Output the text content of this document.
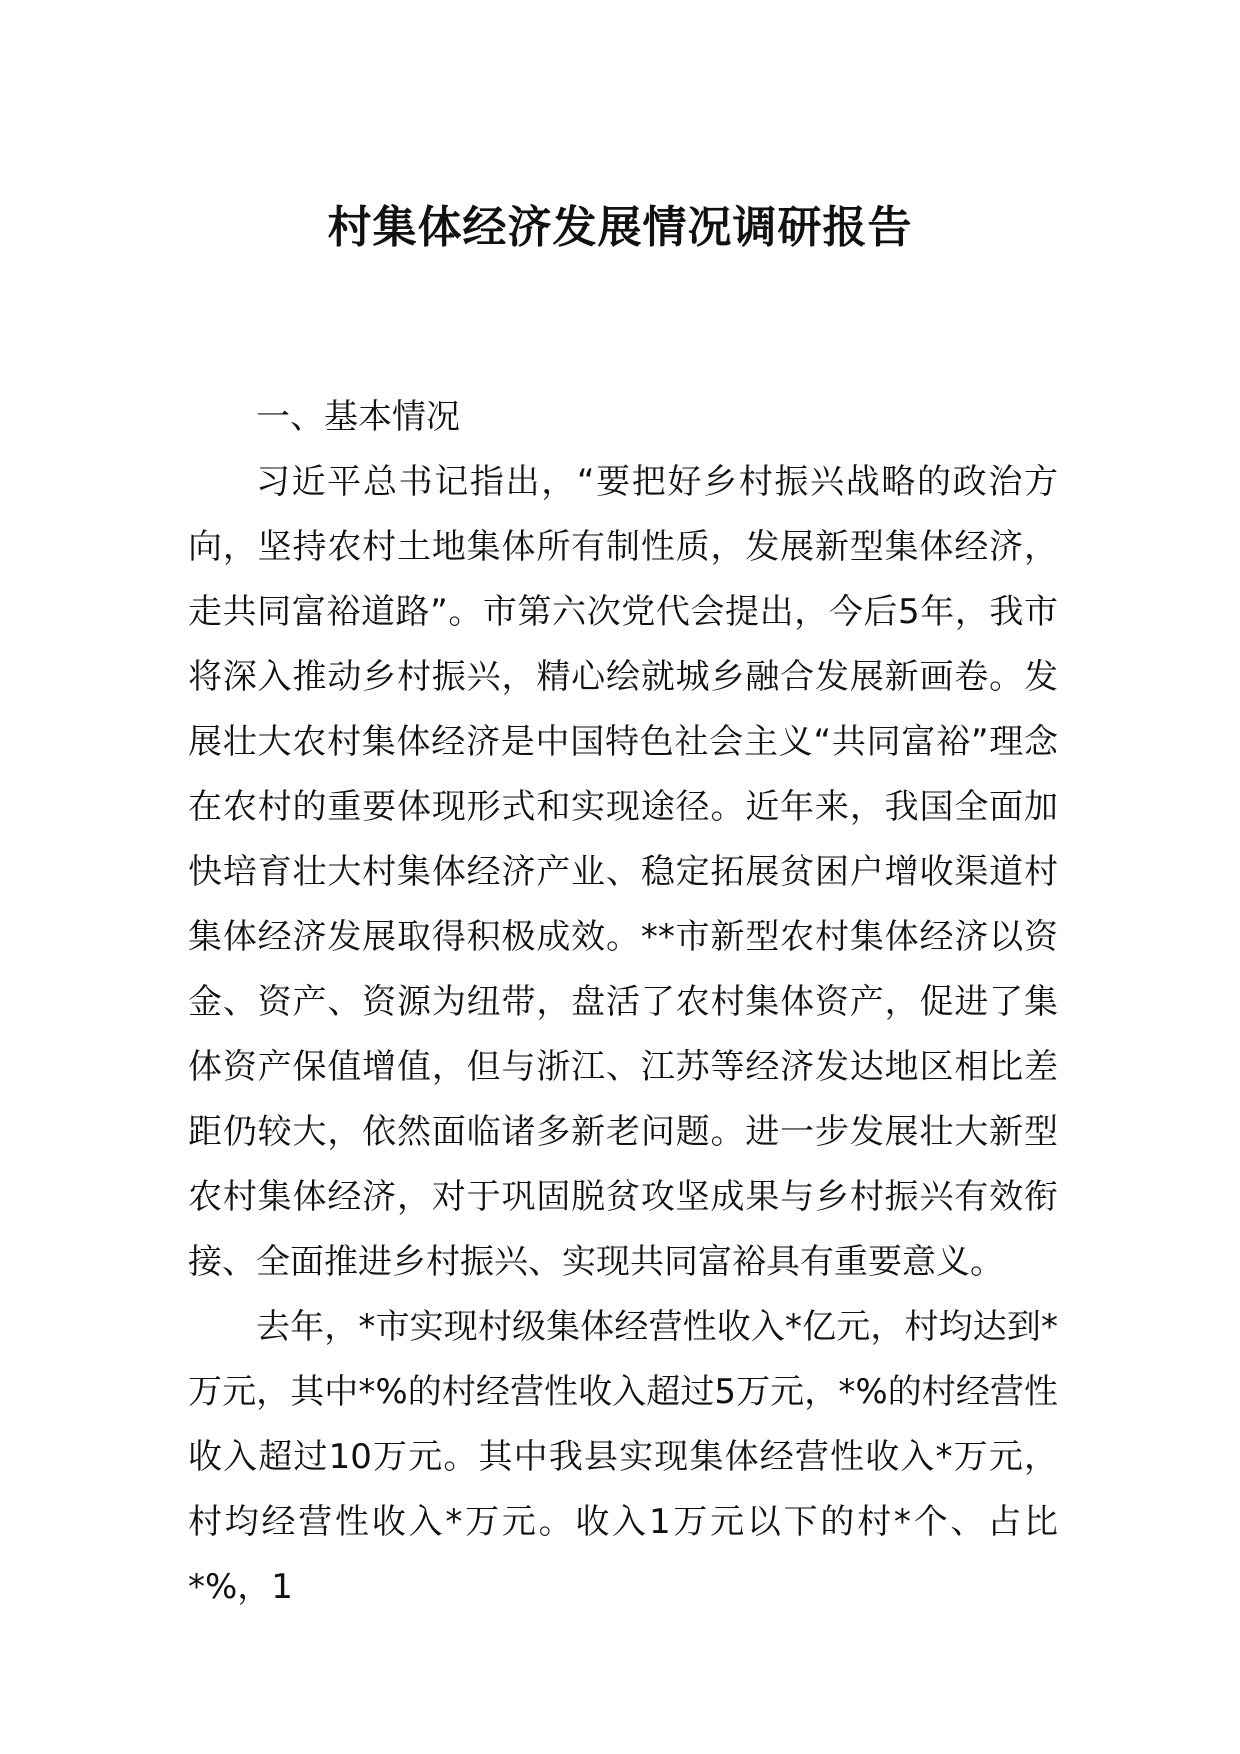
村集体经济发展情况调研报告
一、基本情况

习近平总书记指出，“要把好乡村振兴战略的政治方向，坚持农村土地集体所有制性质，发展新型集体经济，走共同富裕道路”。市第六次党代会提出，今后5年，我市将深入推动乡村振兴，精心绘就城乡融合发展新画卷。发展壮大农村集体经济是中国特色社会主义“共同富裕”理念在农村的重要体现形式和实现途径。近年来，我国全面加快培育壮大村集体经济产业、稳定拓展贫困户增收渠道村集体经济发展取得积极成效。**市新型农村集体经济以资金、资产、资源为纽带，盘活了农村集体资产，促进了集体资产保值增值，但与浙江、江苏等经济发达地区相比差距仍较大，依然面临诸多新老问题。进一步发展壮大新型农村集体经济，对于巩固脱贫攻坚成果与乡村振兴有效衔接、全面推进乡村振兴、实现共同富裕具有重要意义。

去年，*市实现村级集体经营性收入*亿元，村均达到*万元，其中*%的村经营性收入超过5万元，*%的村经营性收入超过10万元。其中我县实现集体经营性收入*万元，村均经营性收入*万元。收入1万元以下的村*个、占比*%，1
